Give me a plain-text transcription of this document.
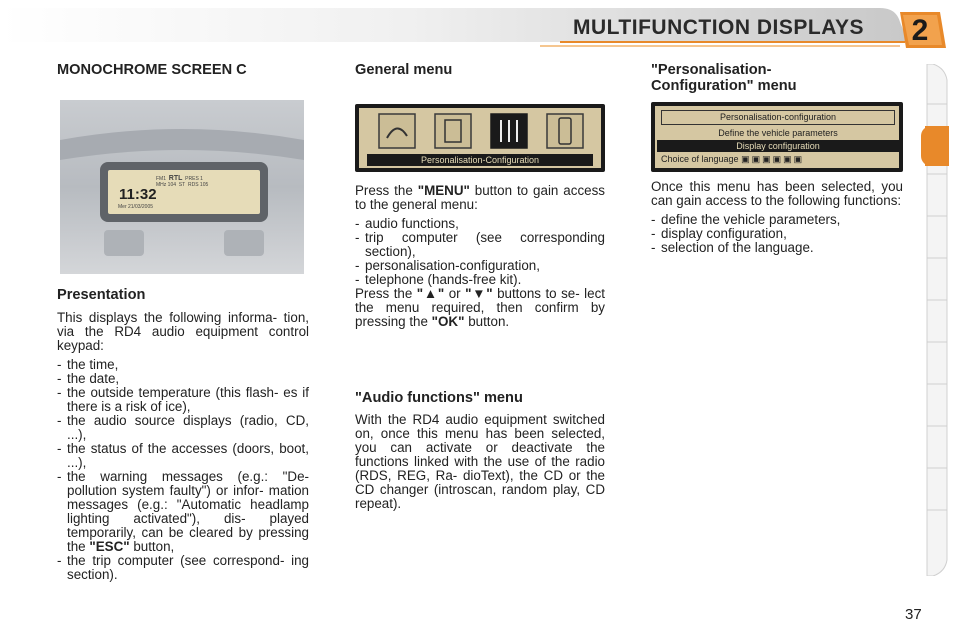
MULTIFUNCTION DISPLAYS 2
MONOCHROME SCREEN C
11:32
FM1 RTL PRES 1
MHz 104 ST RDS 105
Mer 21/03/2005
Presentation

This displays the following informa- tion, via the RD4 audio equipment control keypad:

- the time,
- the date,
- the outside temperature (this flash- es if there is a risk of ice),
- the audio source displays (radio, CD, ...),
- the status of the accesses (doors, boot, ...),
- the warning messages (e.g.: "De- pollution system faulty") or infor- mation messages (e.g.: "Automatic headlamp lighting activated"), dis- played temporarily, can be cleared by pressing the "ESC" button,
- the trip computer (see correspond- ing section).
General menu
Personalisation-Configuration

Press the "MENU" button to gain access to the general menu:

- audio functions,
- trip computer (see corresponding section),
- personalisation-configuration,
- telephone (hands-free kit).

Press the "▲" or "▼" buttons to se- lect the menu required, then confirm by pressing the "OK" button.

"Audio functions" menu

With the RD4 audio equipment switched on, once this menu has been selected, you can activate or deactivate the functions linked with the use of the radio (RDS, REG, Ra- dioText), the CD or the CD changer (introscan, random play, CD repeat).

"Personalisation-
Configuration" menu
Personalisation-configuration
Define the vehicle parameters
Display configuration
Choice of language ▣▣▣▣▣▣

Once this menu has been selected, you can gain access to the following functions:

- define the vehicle parameters,
- display configuration,
- selection of the language.
37
